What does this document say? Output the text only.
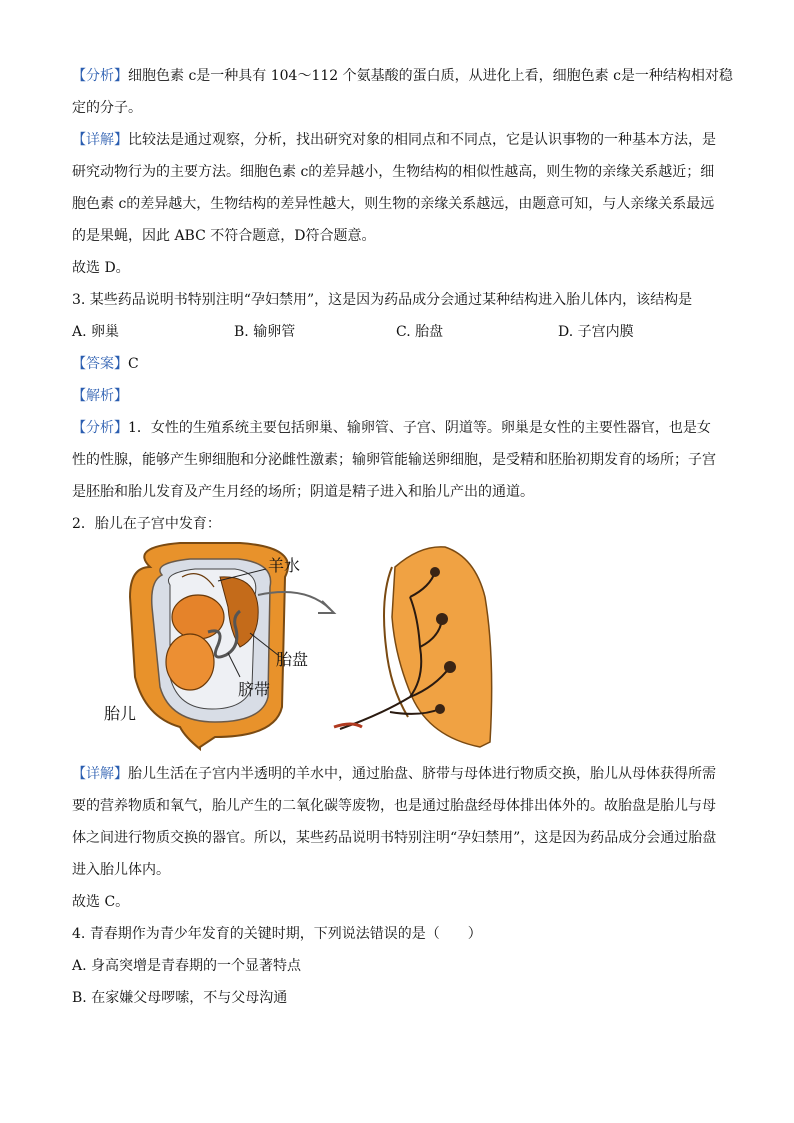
【分析】细胞色素 c是一种具有 104～112 个氨基酸的蛋白质，从进化上看，细胞色素 c是一种结构相对稳
定的分子。
【详解】比较法是通过观察，分析，找出研究对象的相同点和不同点，它是认识事物的一种基本方法，是
研究动物行为的主要方法。细胞色素 c的差异越小，生物结构的相似性越高，则生物的亲缘关系越近；细
胞色素 c的差异越大，生物结构的差异性越大，则生物的亲缘关系越远，由题意可知，与人亲缘关系最远
的是果蝇，因此 ABC 不符合题意，D符合题意。
故选 D。
3. 某些药品说明书特别注明“孕妇禁用”，这是因为药品成分会通过某种结构进入胎儿体内，该结构是
A. 卵巢	B. 输卵管	C. 胎盘	D. 子宫内膜
【答案】C
【解析】
【分析】1．女性的生殖系统主要包括卵巢、输卵管、子宫、阴道等。卵巢是女性的主要性器官，也是女
性的性腺，能够产生卵细胞和分泌雌性激素；输卵管能输送卵细胞，是受精和胚胎初期发育的场所；子宫
是胚胎和胎儿发育及产生月经的场所；阴道是精子进入和胎儿产出的通道。
2．胎儿在子宫中发育：
羊水
胎盘
脐带
胎儿
【详解】胎儿生活在子宫内半透明的羊水中，通过胎盘、脐带与母体进行物质交换，胎儿从母体获得所需
要的营养物质和氧气，胎儿产生的二氧化碳等废物，也是通过胎盘经母体排出体外的。故胎盘是胎儿与母
体之间进行物质交换的器官。所以，某些药品说明书特别注明“孕妇禁用”，这是因为药品成分会通过胎盘
进入胎儿体内。
故选 C。
4. 青春期作为青少年发育的关键时期，下列说法错误的是（　　）
A. 身高突增是青春期的一个显著特点
B. 在家嫌父母啰嗦，不与父母沟通
